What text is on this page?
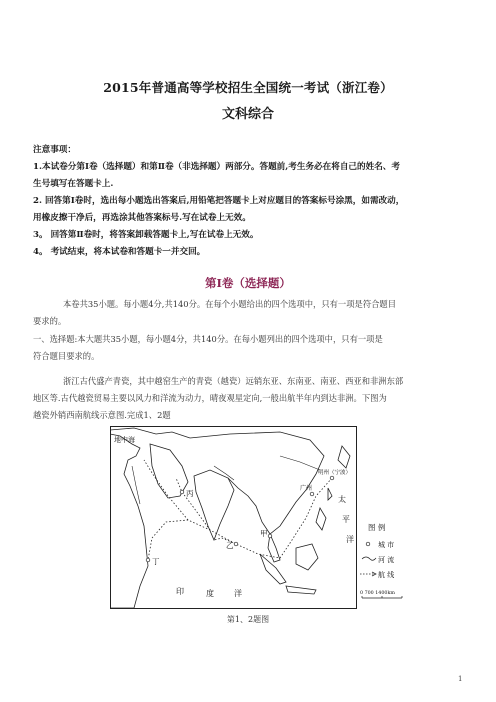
2015年普通高等学校招生全国统一考试（浙江卷）
文科综合
注意事项：
1.本试卷分第Ⅰ卷（选择题）和第Ⅱ卷（非选择题）两部分。答题前,考生务必在将自己的姓名、考
生号填写在答题卡上.
2. 回答第Ⅰ卷时，选出每小题选出答案后,用铅笔把答题卡上对应题目的答案标号涂黑，如需改动，
用橡皮擦干净后，再选涂其他答案标号.写在试卷上无效。
3。 回答第Ⅱ卷时，将答案卸载答题卡上,写在试卷上无效。
4。 考试结束，将本试卷和答题卡一并交回。
第Ⅰ卷（选择题）
本卷共35小题。每小题4分,共140分。在每个小题给出的四个选项中，只有一项是符合题目
要求的。
一、选择题:本大题共35小题，每小题4分，共140分。在每小题列出的四个选项中，只有一项是
符合题目要求的。
浙江古代盛产青瓷，其中越窑生产的青瓷（越瓷）远销东亚、东南亚、南亚、西亚和非洲东部
地区等.古代越瓷贸易主要以风力和洋流为动力，晴夜观星定向,一般出航半年内到达非洲。下图为
越瓷外销西南航线示意图.完成1、2题
地中海
丙
广州
明州（宁波）
太
平
洋
丁
甲
乙
印	度	洋
图 例
城 市
河 流
航 线
0 700 1400km
第1、2题图
1
